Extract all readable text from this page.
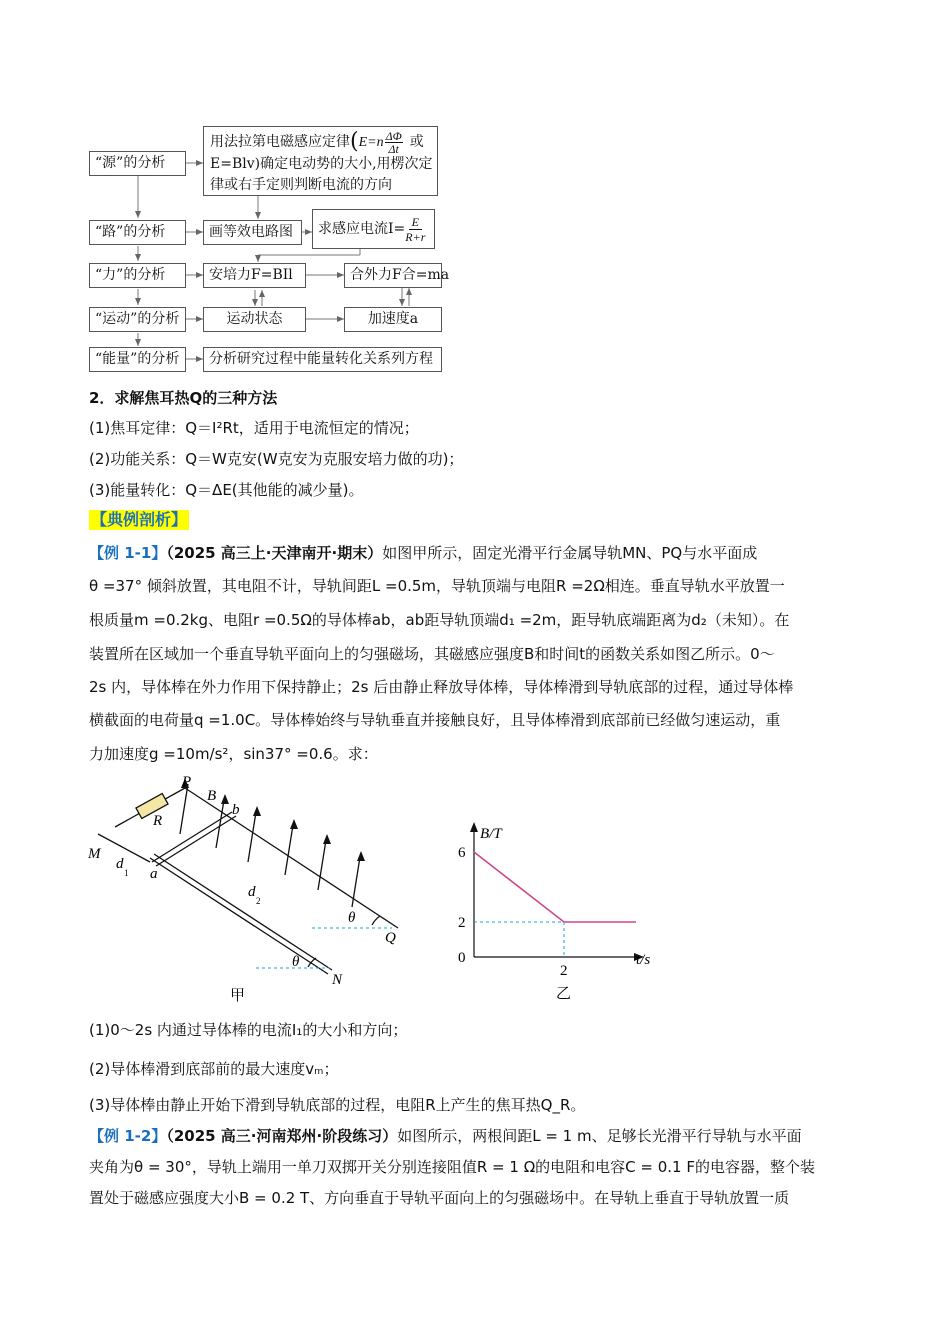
“源”的分析
“路”的分析
“力”的分析
“运动”的分析
“能量”的分析
用法拉第电磁感应定律 ( $E=n \frac{\Delta\Phi}{\Delta t}$ 或
E=Blv)确定电动势的大小,用楞次定
律或右手定则判断电流的方向
画等效电路图	求感应电流$I= \frac{E}{R+r}$
安培力F=BIl	合外力F合=ma
运动状态	加速度a
分析研究过程中能量转化关系列方程
2．求解焦耳热Q的三种方法
(1)焦耳定律：Q＝I²Rt，适用于电流恒定的情况；
(2)功能关系：Q＝W克安(W克安为克服安培力做的功)；
(3)能量转化：Q＝ΔE(其他能的减少量)。
【典例剖析】
【例 1-1】（2025 高三上·天津南开·期末）如图甲所示，固定光滑平行金属导轨MN、PQ与水平面成
θ =37° 倾斜放置，其电阻不计，导轨间距L =0.5m，导轨顶端与电阻R =2Ω相连。垂直导轨水平放置一
根质量m =0.2kg、电阻r =0.5Ω的导体棒ab，ab距导轨顶端d₁ =2m，距导轨底端距离为d₂（未知）。在
装置所在区域加一个垂直导轨平面向上的匀强磁场，其磁感应强度B和时间t的函数关系如图乙所示。0～
2s 内，导体棒在外力作用下保持静止；2s 后由静止释放导体棒，导体棒滑到导轨底部的过程，通过导体棒
横截面的电荷量q =1.0C。导体棒始终与导轨垂直并接触良好，且导体棒滑到底部前已经做匀速运动，重
力加速度g =10m/s²，sin37° =0.6。求：
P
B
b
R
M
d
1 a
d
2
θ
Q
θ
N
甲
6
2
0
2
B/T
t/s
乙
(1)0～2s 内通过导体棒的电流I₁的大小和方向；
(2)导体棒滑到底部前的最大速度vₘ；
(3)导体棒由静止开始下滑到导轨底部的过程，电阻R上产生的焦耳热Q_R。
【例 1-2】（2025 高三·河南郑州·阶段练习）如图所示，两根间距L = 1 m、足够长光滑平行导轨与水平面
夹角为θ = 30°，导轨上端用一单刀双掷开关分别连接阻值R = 1 Ω的电阻和电容C = 0.1 F的电容器，整个装
置处于磁感应强度大小B = 0.2 T、方向垂直于导轨平面向上的匀强磁场中。在导轨上垂直于导轨放置一质
